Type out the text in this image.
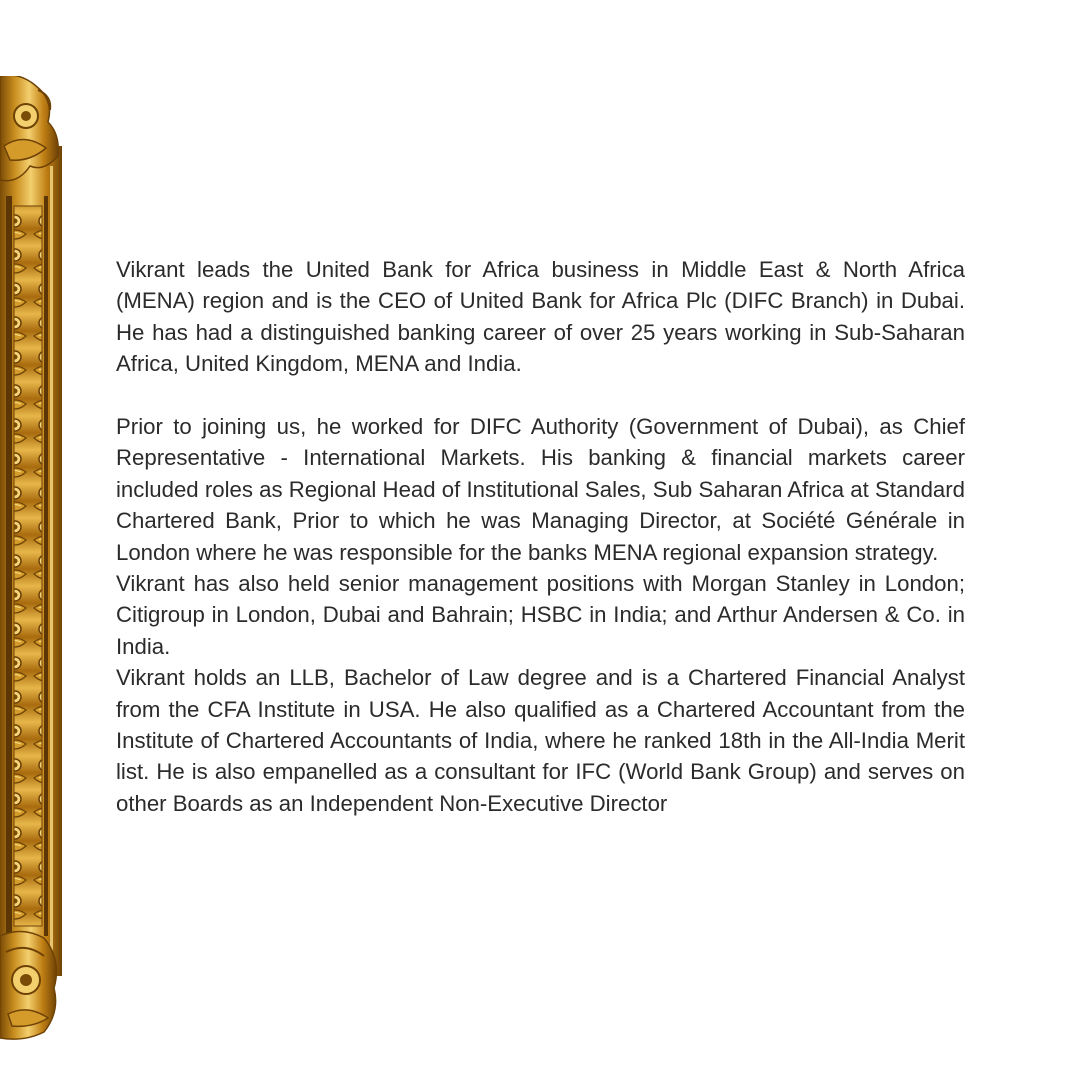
Vikrant leads the United Bank for Africa business in Middle East & North Africa (MENA) region and is the CEO of United Bank for Africa Plc (DIFC Branch) in Dubai. He has had a distinguished banking career of over 25 years working in Sub-Saharan Africa, United Kingdom, MENA and India.

Prior to joining us, he worked for DIFC Authority (Government of Dubai), as Chief Representative - International Markets. His banking & financial markets career included roles as Regional Head of Institutional Sales, Sub Saharan Africa at Standard Chartered Bank, Prior to which he was Managing Director, at Société Générale in London where he was responsible for the banks MENA regional expansion strategy.

Vikrant has also held senior management positions with Morgan Stanley in London; Citigroup in London, Dubai and Bahrain; HSBC in India; and Arthur Andersen & Co. in India.

Vikrant holds an LLB, Bachelor of Law degree and is a Chartered Financial Analyst from the CFA Institute in USA. He also qualified as a Chartered Accountant from the Institute of Chartered Accountants of India, where he ranked 18th in the All-India Merit list. He is also empanelled as a consultant for IFC (World Bank Group) and serves on other Boards as an Independent Non-Executive Director
